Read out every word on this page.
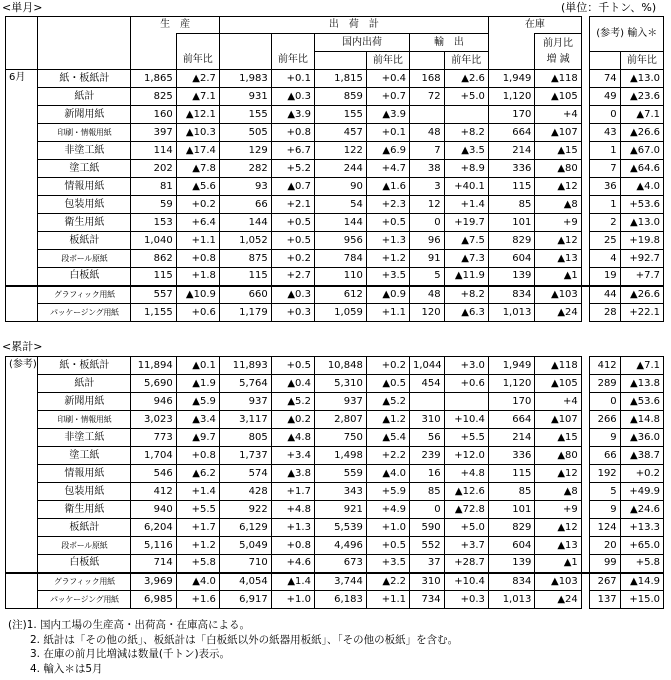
<単月>	(単位：千トン、%)
		生　産		出　荷　計						在庫			(参考) 輸入＊	
						国内出荷		輸　出			前月比
増 減			
			前年比		前年比		前年比		前年比					前年比
6月	紙・板紙計	1,865	▲2.7	1,983	+0.1	1,815	+0.4	168	▲2.6	1,949	▲118		74	▲13.0
	紙計	825	▲7.1	931	▲0.3	859	+0.7	72	+5.0	1,120	▲105		49	▲23.6
	新聞用紙	160	▲12.1	155	▲3.9	155	▲3.9			170	+4		0	▲7.1
	印刷・情報用紙	397	▲10.3	505	+0.8	457	+0.1	48	+8.2	664	▲107		43	▲26.6
	非塗工紙	114	▲17.4	129	+6.7	122	▲6.9	7	▲3.5	214	▲15		1	▲67.0
	塗工紙	202	▲7.8	282	+5.2	244	+4.7	38	+8.9	336	▲80		7	▲64.6
	情報用紙	81	▲5.6	93	▲0.7	90	▲1.6	3	+40.1	115	▲12		36	▲4.0
	包装用紙	59	+0.2	66	+2.1	54	+2.3	12	+1.4	85	▲8		1	+53.6
	衛生用紙	153	+6.4	144	+0.5	144	+0.5	0	+19.7	101	+9		2	▲13.0
	板紙計	1,040	+1.1	1,052	+0.5	956	+1.3	96	▲7.5	829	▲12		25	+19.8
	段ボール原紙	862	+0.8	875	+0.2	784	+1.2	91	▲7.3	604	▲13		4	+92.7
	白板紙	115	+1.8	115	+2.7	110	+3.5	5	▲11.9	139	▲1		19	+7.7
	グラフィック用紙	557	▲10.9	660	▲0.3	612	▲0.9	48	+8.2	834	▲103		44	▲26.6
	パッケージング用紙	1,155	+0.6	1,179	+0.3	1,059	+1.1	120	▲6.3	1,013	▲24		28	+22.1
<累計>
(参考)	紙・板紙計	11,894	▲0.1	11,893	+0.5	10,848	+0.2	1,044	+3.0	1,949	▲118		412	▲7.1
	紙計	5,690	▲1.9	5,764	▲0.4	5,310	▲0.5	454	+0.6	1,120	▲105		289	▲13.8
	新聞用紙	946	▲5.9	937	▲5.2	937	▲5.2			170	+4		0	▲53.6
	印刷・情報用紙	3,023	▲3.4	3,117	▲0.2	2,807	▲1.2	310	+10.4	664	▲107		266	▲14.8
	非塗工紙	773	▲9.7	805	▲4.8	750	▲5.4	56	+5.5	214	▲15		9	▲36.0
	塗工紙	1,704	+0.8	1,737	+3.4	1,498	+2.2	239	+12.0	336	▲80		66	▲38.7
	情報用紙	546	▲6.2	574	▲3.8	559	▲4.0	16	+4.8	115	▲12		192	+0.2
	包装用紙	412	+1.4	428	+1.7	343	+5.9	85	▲12.6	85	▲8		5	+49.9
	衛生用紙	940	+5.5	922	+4.8	921	+4.9	0	▲72.8	101	+9		9	▲24.6
	板紙計	6,204	+1.7	6,129	+1.3	5,539	+1.0	590	+5.0	829	▲12		124	+13.3
	段ボール原紙	5,116	+1.2	5,049	+0.8	4,496	+0.5	552	+3.7	604	▲13		20	+65.0
	白板紙	714	+5.8	710	+4.6	673	+3.5	37	+28.7	139	▲1		99	+5.8
	グラフィック用紙	3,969	▲4.0	4,054	▲1.4	3,744	▲2.2	310	+10.4	834	▲103		267	▲14.9
	パッケージング用紙	6,985	+1.6	6,917	+1.0	6,183	+1.1	734	+0.3	1,013	▲24		137	+15.0
(注)1. 国内工場の生産高・出荷高・在庫高による。
2. 紙計は「その他の紙」、板紙計は「白板紙以外の紙器用板紙」、「その他の板紙」を含む。
3. 在庫の前月比増減は数量(千トン)表示。
4. 輸入＊は5月
